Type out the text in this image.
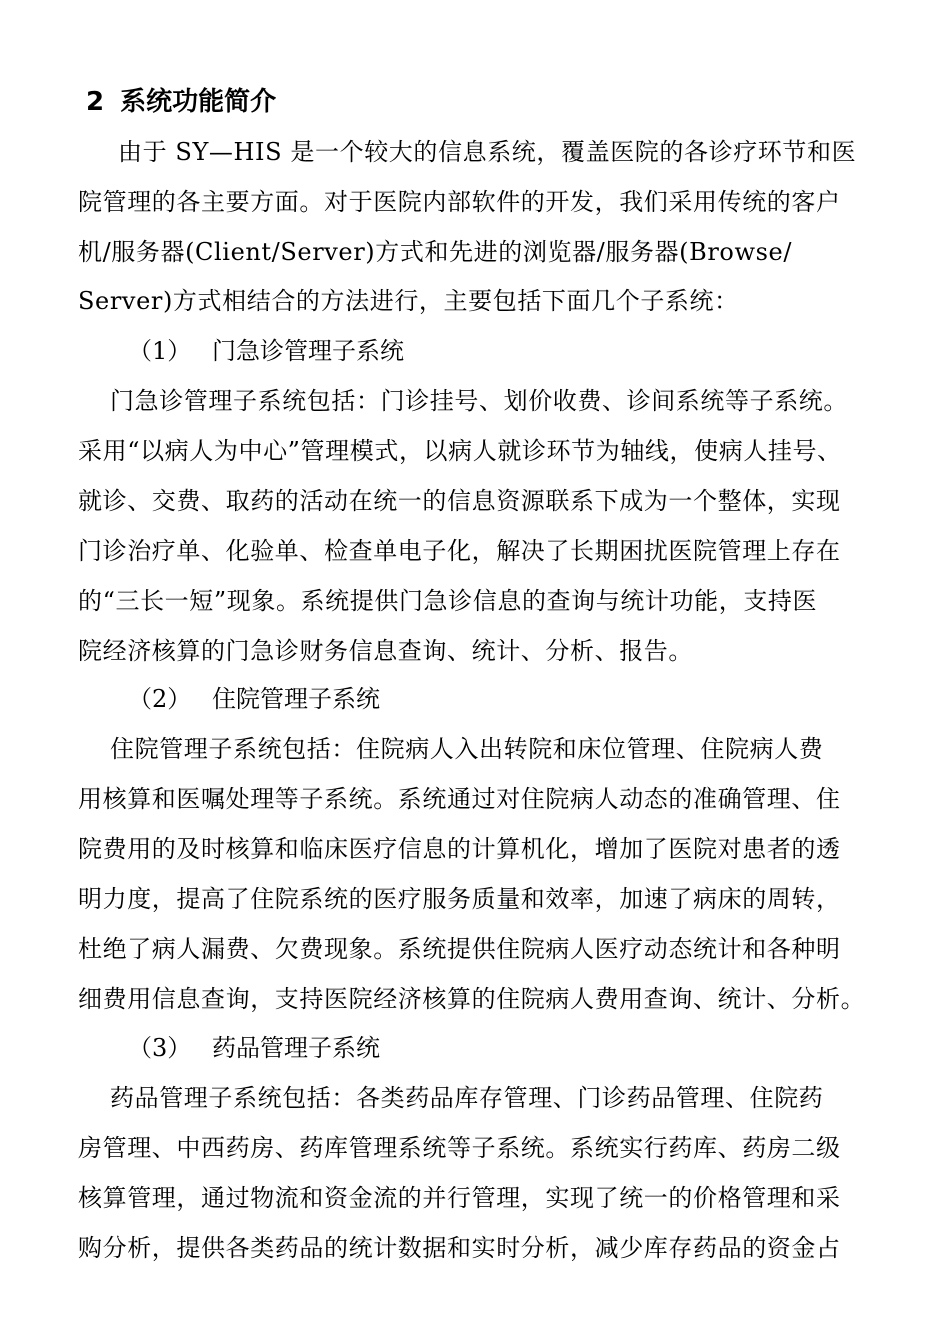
2 系统功能简介
由于 SY—HIS 是一个较大的信息系统，覆盖医院的各诊疗环节和医
院管理的各主要方面。对于医院内部软件的开发，我们采用传统的客户
机/服务器(Client/Server)方式和先进的浏览器/服务器(Browse/
Server)方式相结合的方法进行，主要包括下面几个子系统：
（1） 门急诊管理子系统
门急诊管理子系统包括：门诊挂号、划价收费、诊间系统等子系统。
采用“以病人为中心”管理模式，以病人就诊环节为轴线，使病人挂号、
就诊、交费、取药的活动在统一的信息资源联系下成为一个整体，实现
门诊治疗单、化验单、检查单电子化，解决了长期困扰医院管理上存在
的“三长一短”现象。系统提供门急诊信息的查询与统计功能，支持医
院经济核算的门急诊财务信息查询、统计、分析、报告。
（2） 住院管理子系统
住院管理子系统包括：住院病人入出转院和床位管理、住院病人费
用核算和医嘱处理等子系统。系统通过对住院病人动态的准确管理、住
院费用的及时核算和临床医疗信息的计算机化，增加了医院对患者的透
明力度，提高了住院系统的医疗服务质量和效率，加速了病床的周转，
杜绝了病人漏费、欠费现象。系统提供住院病人医疗动态统计和各种明
细费用信息查询，支持医院经济核算的住院病人费用查询、统计、分析。
（3） 药品管理子系统
药品管理子系统包括：各类药品库存管理、门诊药品管理、住院药
房管理、中西药房、药库管理系统等子系统。系统实行药库、药房二级
核算管理，通过物流和资金流的并行管理，实现了统一的价格管理和采
购分析，提供各类药品的统计数据和实时分析，减少库存药品的资金占
